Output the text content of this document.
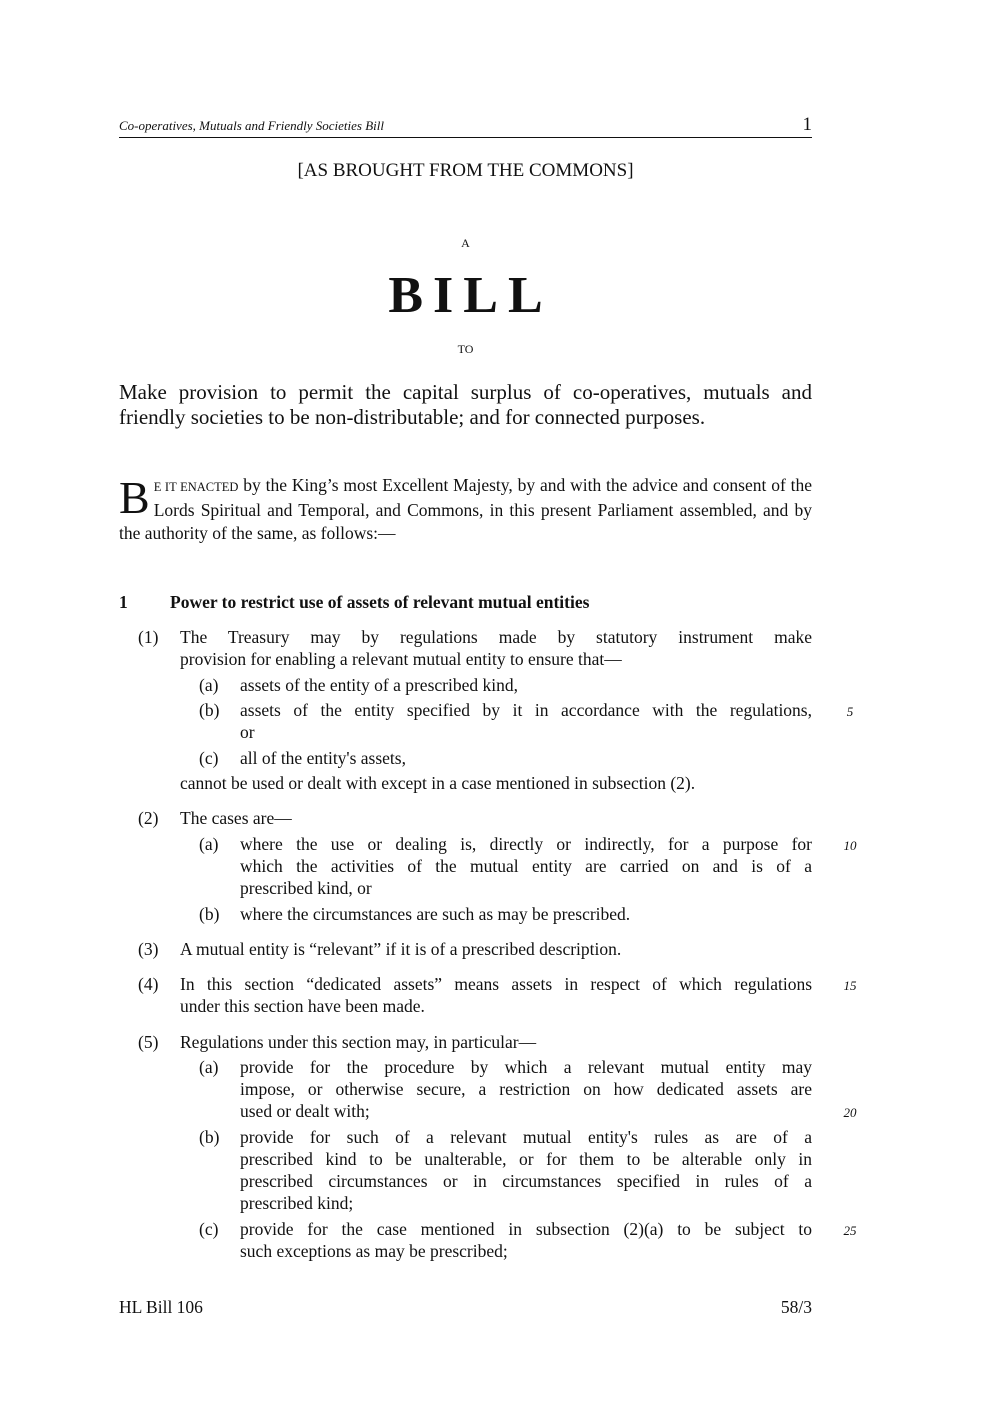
Co-operatives, Mutuals and Friendly Societies Bill	1
[AS BROUGHT FROM THE COMMONS]
A
BILL
TO
Make provision to permit the capital surplus of co-operatives, mutuals and friendly societies to be non-distributable; and for connected purposes.
B E IT ENACTED by the King’s most Excellent Majesty, by and with the advice and consent of the Lords Spiritual and Temporal, and Commons, in this present Parliament assembled, and by the authority of the same, as follows:—
1 Power to restrict use of assets of relevant mutual entities
(1) The Treasury may by regulations made by statutory instrument make
provision for enabling a relevant mutual entity to ensure that—
(a) assets of the entity of a prescribed kind,
(b) assets of the entity specified by it in accordance with the regulations,
or
(c) all of the entity's assets,
cannot be used or dealt with except in a case mentioned in subsection (2).
(2) The cases are—
(a) where the use or dealing is, directly or indirectly, for a purpose for
which the activities of the mutual entity are carried on and is of a
prescribed kind, or
(b) where the circumstances are such as may be prescribed.
(3) A mutual entity is “relevant” if it is of a prescribed description.
(4) In this section “dedicated assets” means assets in respect of which regulations
under this section have been made.
(5) Regulations under this section may, in particular—
(a) provide for the procedure by which a relevant mutual entity may
impose, or otherwise secure, a restriction on how dedicated assets are
used or dealt with;
(b) provide for such of a relevant mutual entity's rules as are of a
prescribed kind to be unalterable, or for them to be alterable only in
prescribed circumstances or in circumstances specified in rules of a
prescribed kind;
(c) provide for the case mentioned in subsection (2)(a) to be subject to
such exceptions as may be prescribed;
5
10
15
20
25
HL Bill 106	58/3
